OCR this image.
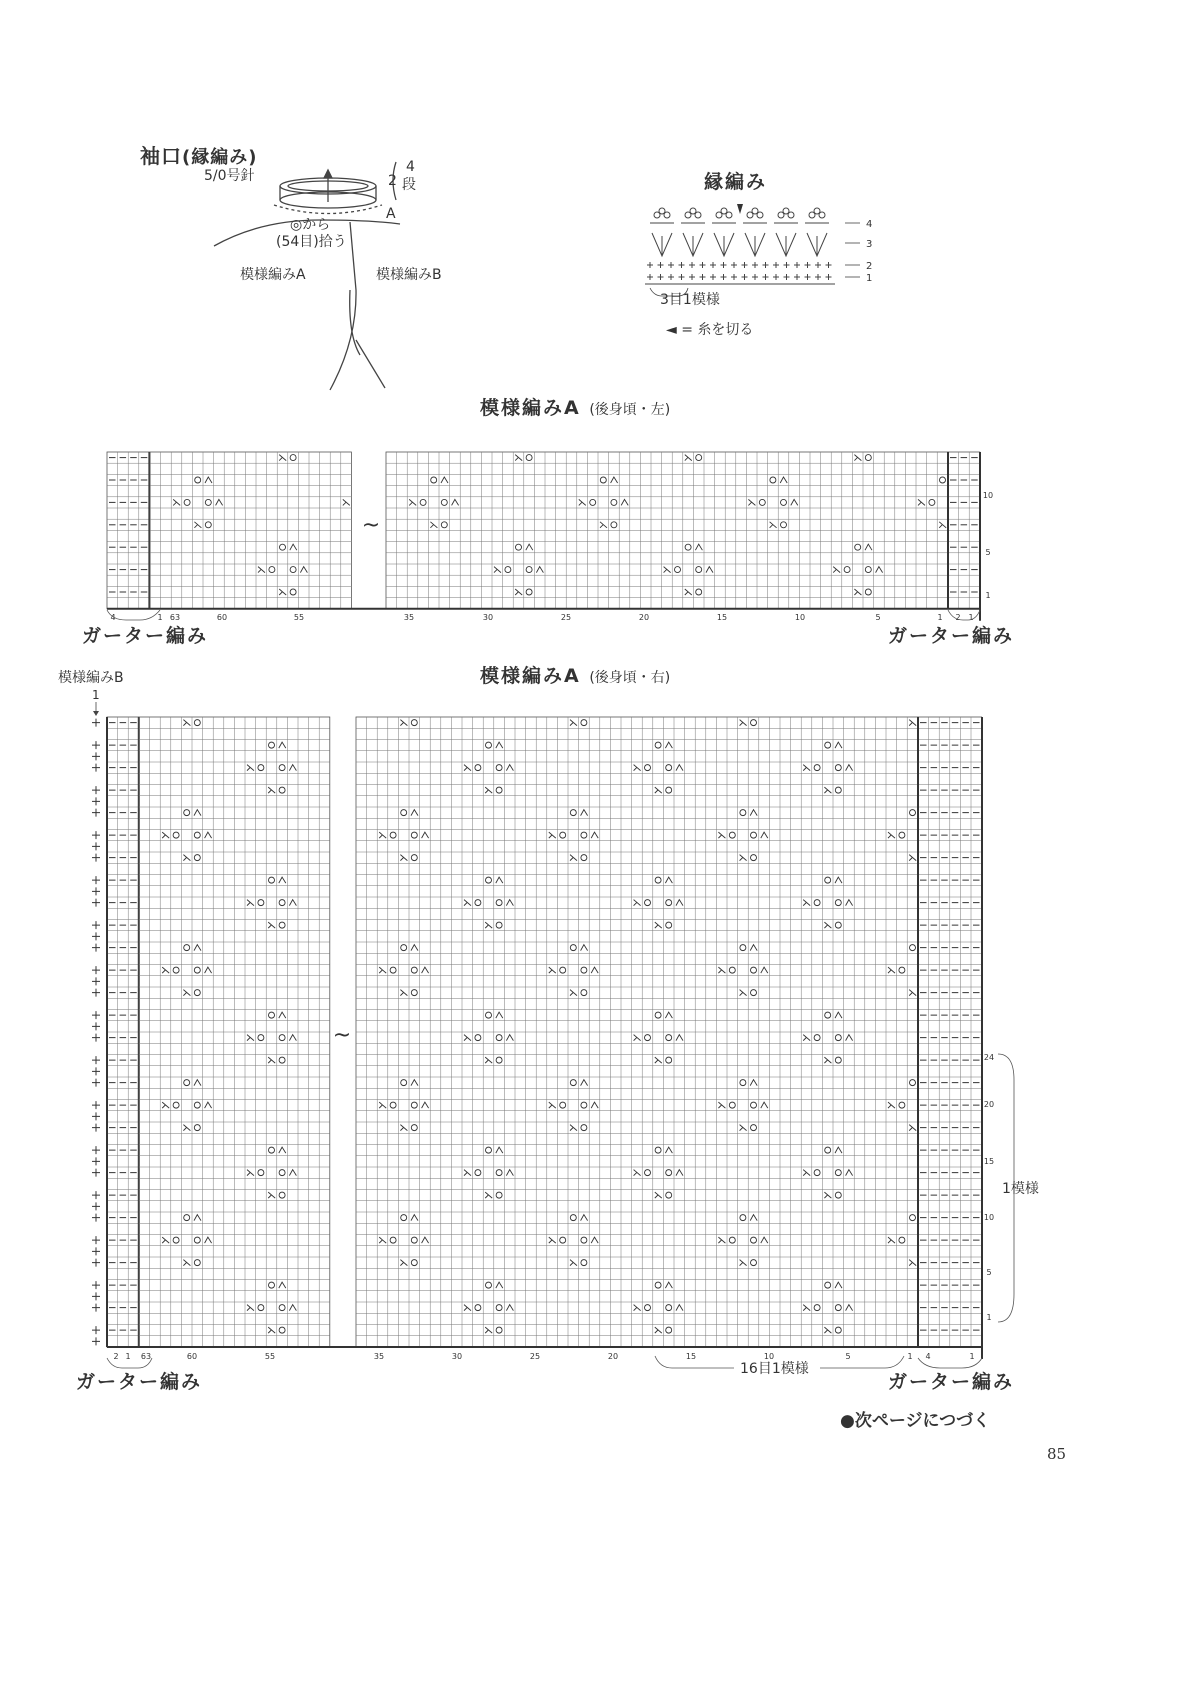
袖口(縁編み)
5/0号針
4
段
2
A
◎から
(54目)拾う
模様編みA	模様編みB
縁編み
4
3
2
1
3目1模様
◄ = 糸を切る
模様編みA (後身頃・左)
~
4	1 63	60	55	35	30	25	20	15	10	5	1 2 1
10
5
1
~
2 1 63	60	55	35	30	25	20	15	10	5	1 4	1
24
20
15
10
5
1
ガーター編み	ガーター編み
模様編みA (後身頃・右)
模様編みB
1
1模様
16目1模様
ガーター編み	ガーター編み
●次ページにつづく
85
